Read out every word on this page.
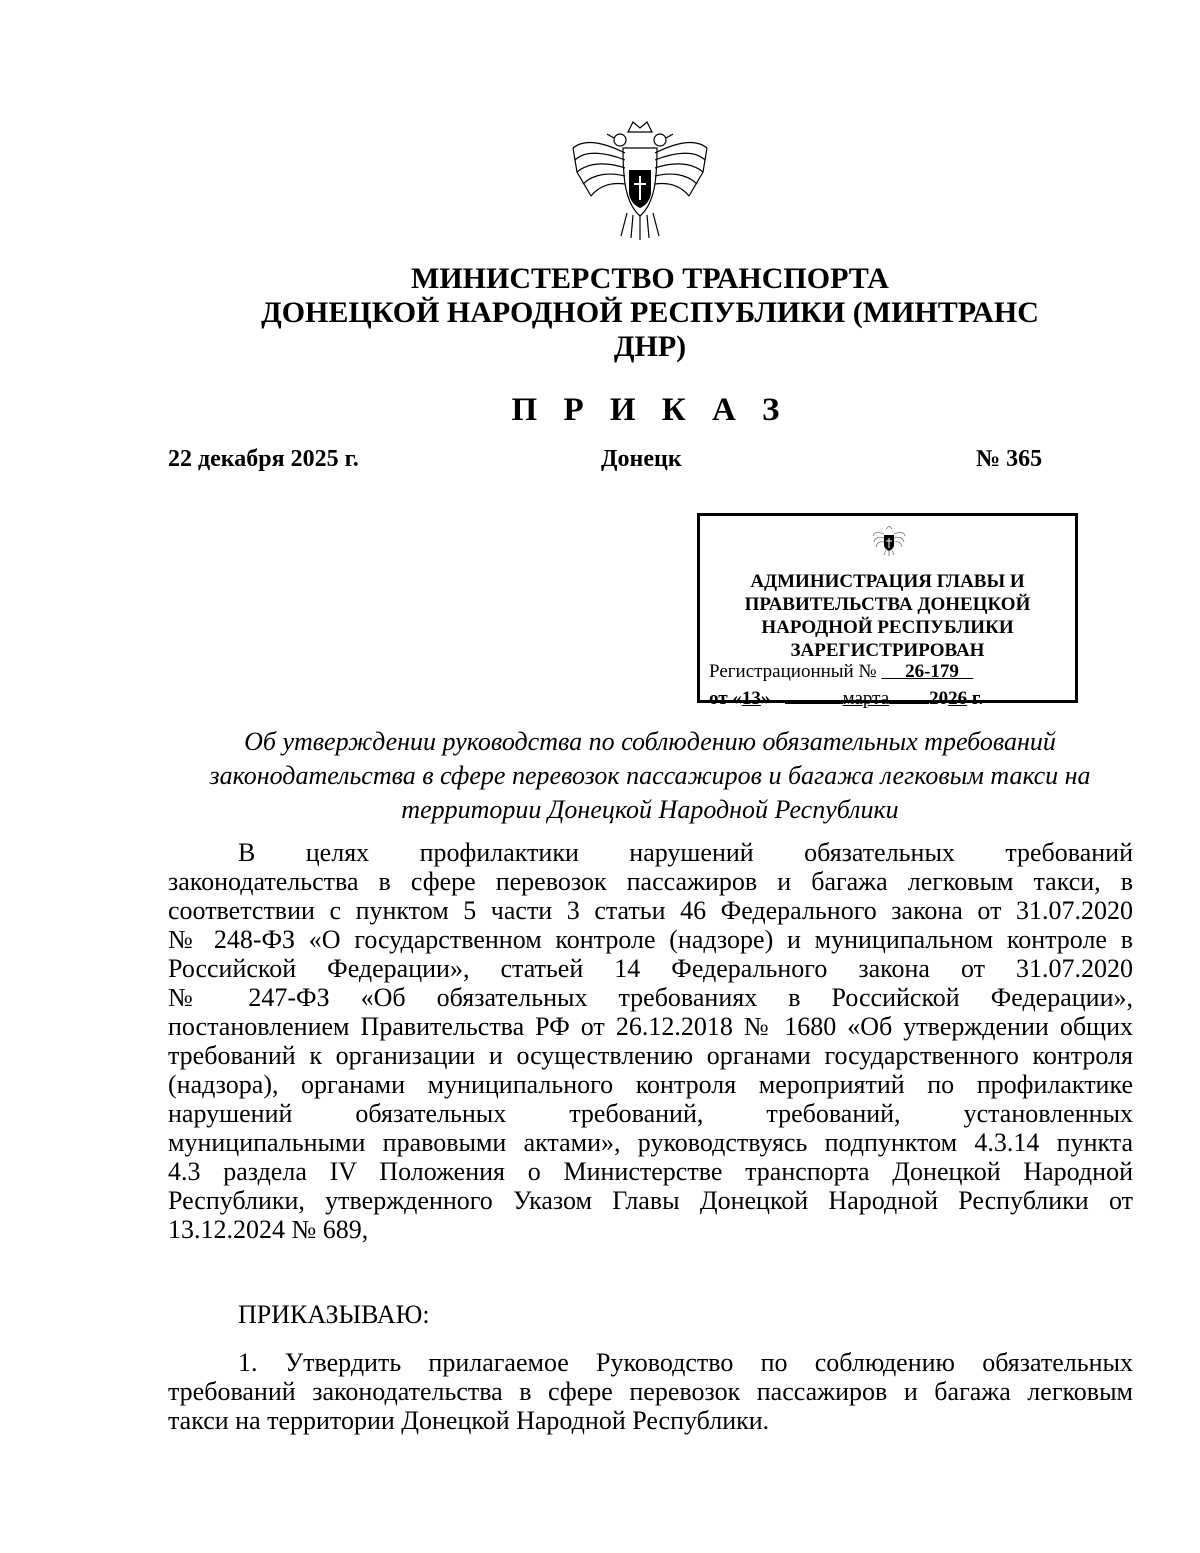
МИНИСТЕРСТВО ТРАНСПОРТА
ДОНЕЦКОЙ НАРОДНОЙ РЕСПУБЛИКИ (МИНТРАНС
ДНР)
П Р И К А З
22 декабря 2025 г.	Донецк	№ 365
АДМИНИСТРАЦИЯ ГЛАВЫ И
ПРАВИТЕЛЬСТВА ДОНЕЦКОЙ
НАРОДНОЙ РЕСПУБЛИКИ
ЗАРЕГИСТРИРОВАН
Регистрационный № 26-179
от «13»	марта 2026 г.
Об утверждении руководства по соблюдению обязательных требований
законодательства в сфере перевозок пассажиров и багажа легковым такси на
территории Донецкой Народной Республики
В целях профилактики нарушений обязательных требований
законодательства в сфере перевозок пассажиров и багажа легковым такси, в
соответствии с пунктом 5 части 3 статьи 46 Федерального закона от 31.07.2020
№ 248-ФЗ «О государственном контроле (надзоре) и муниципальном контроле в
Российской Федерации», статьей 14 Федерального закона от 31.07.2020
№ 247-ФЗ «Об обязательных требованиях в Российской Федерации»,
постановлением Правительства РФ от 26.12.2018 № 1680 «Об утверждении общих
требований к организации и осуществлению органами государственного контроля
(надзора), органами муниципального контроля мероприятий по профилактике
нарушений обязательных требований, требований, установленных
муниципальными правовыми актами», руководствуясь подпунктом 4.3.14 пункта
4.3 раздела IV Положения о Министерстве транспорта Донецкой Народной
Республики, утвержденного Указом Главы Донецкой Народной Республики от
13.12.2024 № 689,
ПРИКАЗЫВАЮ:
1. Утвердить прилагаемое Руководство по соблюдению обязательных
требований законодательства в сфере перевозок пассажиров и багажа легковым
такси на территории Донецкой Народной Республики.
